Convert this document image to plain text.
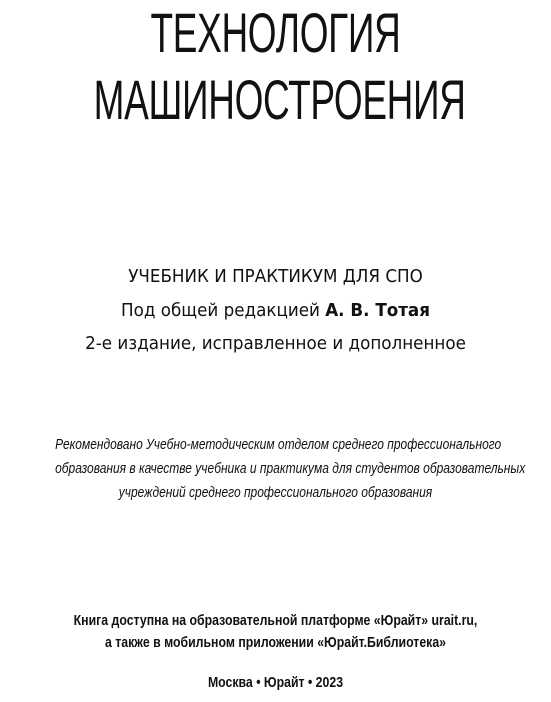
ТЕХНОЛОГИЯ
МАШИНОСТРОЕНИЯ
УЧЕБНИК И ПРАКТИКУМ ДЛЯ СПО
Под общей редакцией А. В. Тотая
2-е издание, исправленное и дополненное
Рекомендовано Учебно-методическим отделом среднего профессионального
образования в качестве учебника и практикума для студентов образовательных
учреждений среднего профессионального образования
Книга доступна на образовательной платформе «Юрайт» urait.ru,
а также в мобильном приложении «Юрайт.Библиотека»
Москва • Юрайт • 2023
